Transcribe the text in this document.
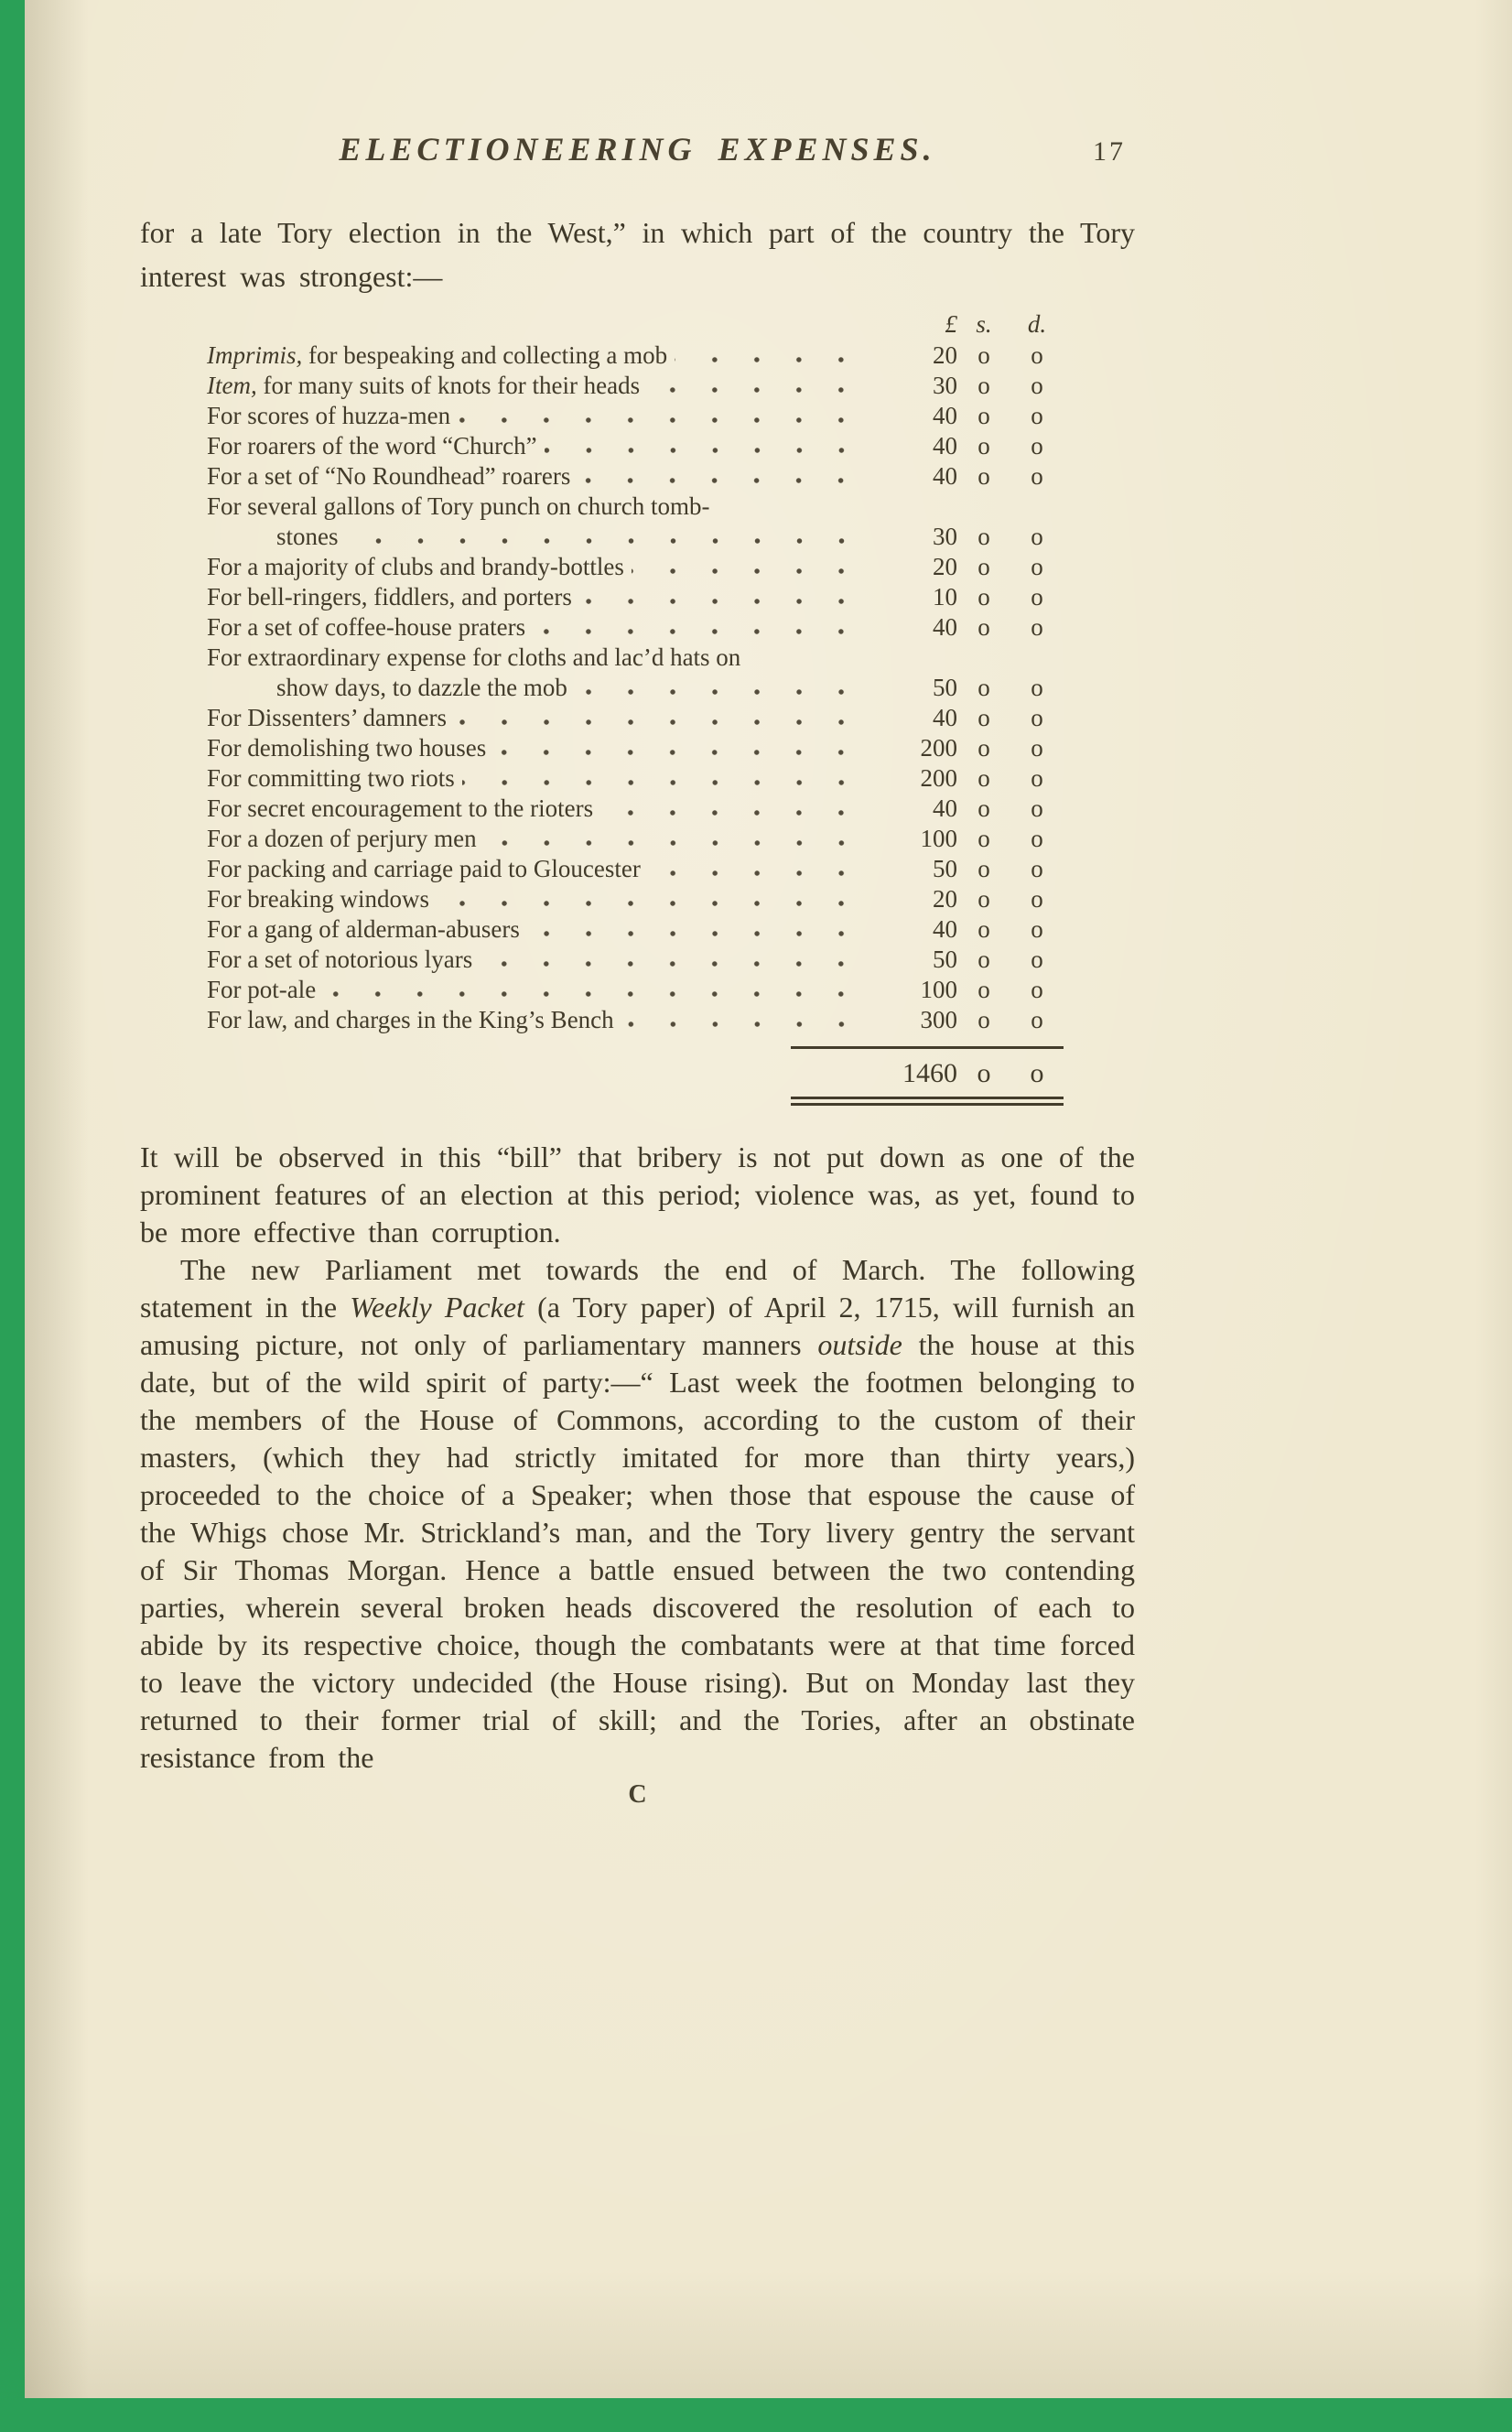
ELECTIONEERING EXPENSES.	17

for a late Tory election in the West,” in which part of the country the Tory interest was strongest:—

£ s.	d.
Imprimis, for bespeaking and collecting a mob	20 o	o
Item, for many suits of knots for their heads	30 o	o
For scores of huzza-men	40 o	o
For roarers of the word “Church”	40 o	o
For a set of “No Roundhead” roarers	40 o	o
For several gallons of Tory punch on church tomb-
stones	30 o	o
For a majority of clubs and brandy-bottles	20 o	o
For bell-ringers, fiddlers, and porters	10 o	o
For a set of coffee-house praters	40 o	o
For extraordinary expense for cloths and lac’d hats on
show days, to dazzle the mob	50 o	o
For Dissenters’ damners	40 o	o
For demolishing two houses	200 o	o
For committing two riots	200 o	o
For secret encouragement to the rioters	40 o	o
For a dozen of perjury men	100 o	o
For packing and carriage paid to Gloucester	50 o	o
For breaking windows	20 o	o
For a gang of alderman-abusers	40 o	o
For a set of notorious lyars	50 o	o
For pot-ale	100 o	o
For law, and charges in the King’s Bench	300 o	o
1460 o	o

It will be observed in this “bill” that bribery is not put down as one of the prominent features of an election at this period; violence was, as yet, found to be more effective than corruption.

The new Parliament met towards the end of March. The following statement in the Weekly Packet (a Tory paper) of April 2, 1715, will furnish an amusing picture, not only of parliamentary manners outside the house at this date, but of the wild spirit of party:—“ Last week the footmen belonging to the members of the House of Commons, according to the custom of their masters, (which they had strictly imitated for more than thirty years,) proceeded to the choice of a Speaker; when those that espouse the cause of the Whigs chose Mr. Strickland’s man, and the Tory livery gentry the servant of Sir Thomas Morgan. Hence a battle ensued between the two contending parties, wherein several broken heads discovered the resolution of each to abide by its respective choice, though the combatants were at that time forced to leave the victory undecided (the House rising). But on Monday last they returned to their former trial of skill; and the Tories, after an obstinate resistance from the

C
